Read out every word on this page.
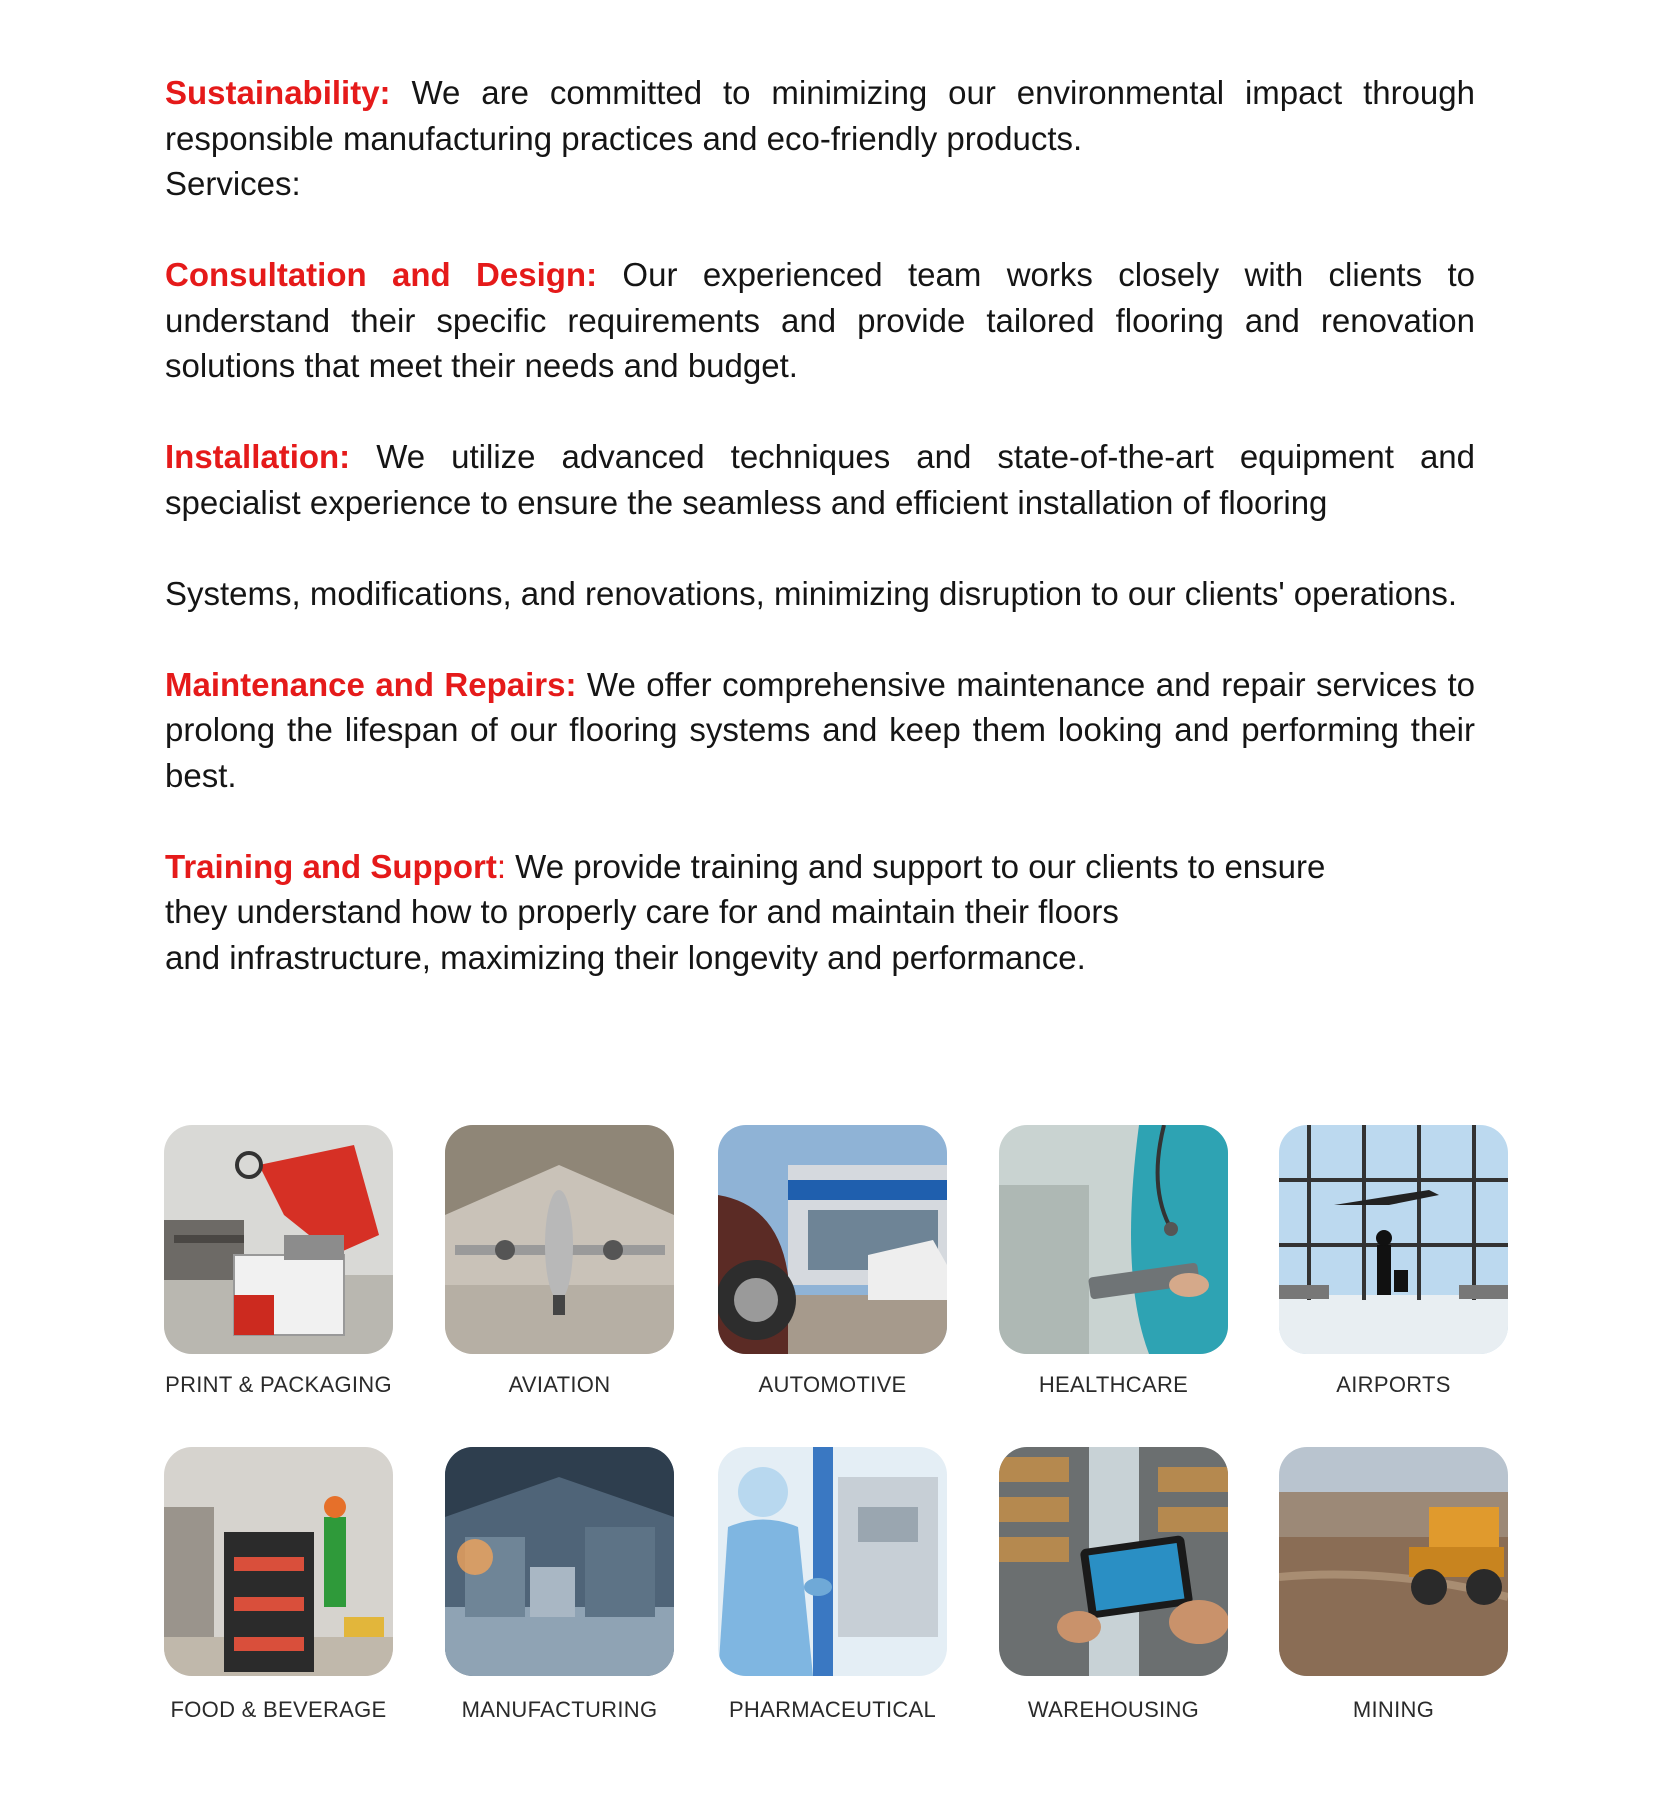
Sustainability: We are committed to minimizing our environmental impact through responsible manufacturing practices and eco-friendly products.

Services:

Consultation and Design: Our experienced team works closely with clients to understand their specific requirements and provide tailored flooring and renovation solutions that meet their needs and budget.

Installation: We utilize advanced techniques and state-of-the-art equipment and specialist experience to ensure the seamless and efficient installation of flooring

Systems, modifications, and renovations, minimizing disruption to our clients' operations.

Maintenance and Repairs: We offer comprehensive maintenance and repair services to prolong the lifespan of our flooring systems and keep them looking and performing their best.

Training and Support: We provide training and support to our clients to ensure
they understand how to properly care for and maintain their floors
and infrastructure, maximizing their longevity and performance.

PRINT & PACKAGING	AVIATION	AUTOMOTIVE	HEALTHCARE	AIRPORTS
FOOD & BEVERAGE	MANUFACTURING	PHARMACEUTICAL	WAREHOUSING	MINING
